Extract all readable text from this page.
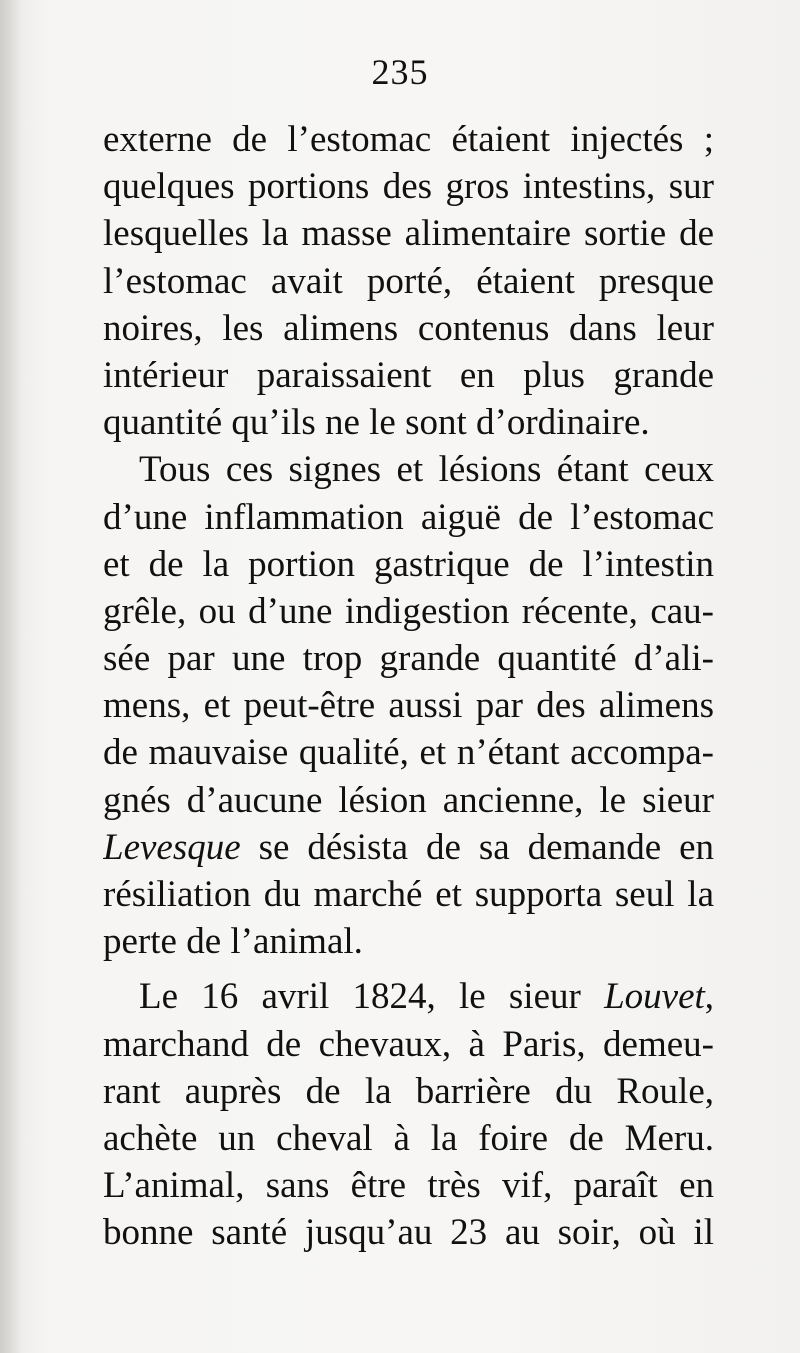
235
externe de l’estomac étaient injectés ;
quelques portions des gros intestins, sur
lesquelles la masse alimentaire sortie de
l’estomac avait porté, étaient presque
noires, les alimens contenus dans leur
intérieur paraissaient en plus grande
quantité qu’ils ne le sont d’ordinaire.
Tous ces signes et lésions étant ceux
d’une inflammation aiguë de l’estomac
et de la portion gastrique de l’intestin
grêle, ou d’une indigestion récente, cau-
sée par une trop grande quantité d’ali-
mens, et peut-être aussi par des alimens
de mauvaise qualité, et n’étant accompa-
gnés d’aucune lésion ancienne, le sieur
Levesque se désista de sa demande en
résiliation du marché et supporta seul la
perte de l’animal.
Le 16 avril 1824, le sieur Louvet,
marchand de chevaux, à Paris, demeu-
rant auprès de la barrière du Roule,
achète un cheval à la foire de Meru.
L’animal, sans être très vif, paraît en
bonne santé jusqu’au 23 au soir, où il
